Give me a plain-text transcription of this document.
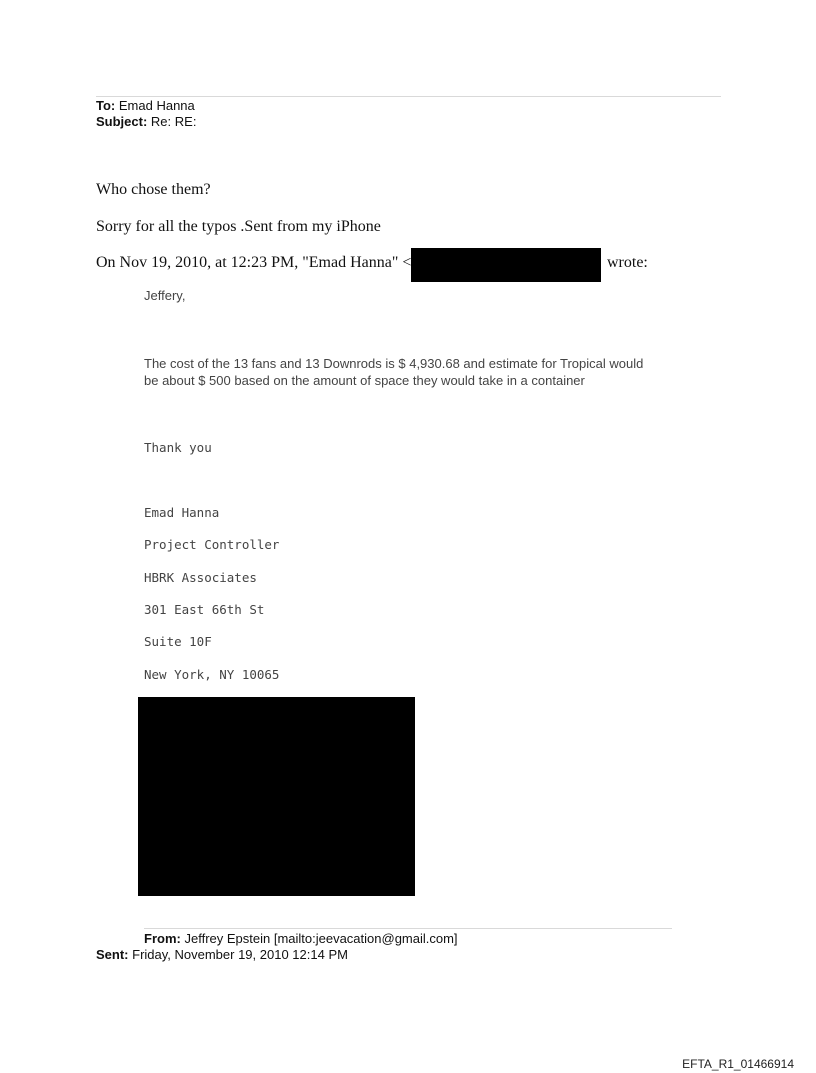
To: Emad Hanna
Subject: Re: RE:
Who chose them?
Sorry for all the typos .Sent from my iPhone
On Nov 19, 2010, at 12:23 PM, "Emad Hanna" <	wrote:
Jeffery,
The cost of the 13 fans and 13 Downrods is $ 4,930.68 and estimate for Tropical would
be about $ 500 based on the amount of space they would take in a container
Thank you
Emad Hanna
Project Controller
HBRK Associates
301 East 66th St
Suite 10F
New York, NY 10065
From: Jeffrey Epstein [mailto:jeevacation@gmail.com]
Sent: Friday, November 19, 2010 12:14 PM
EFTA_R1_01466914
